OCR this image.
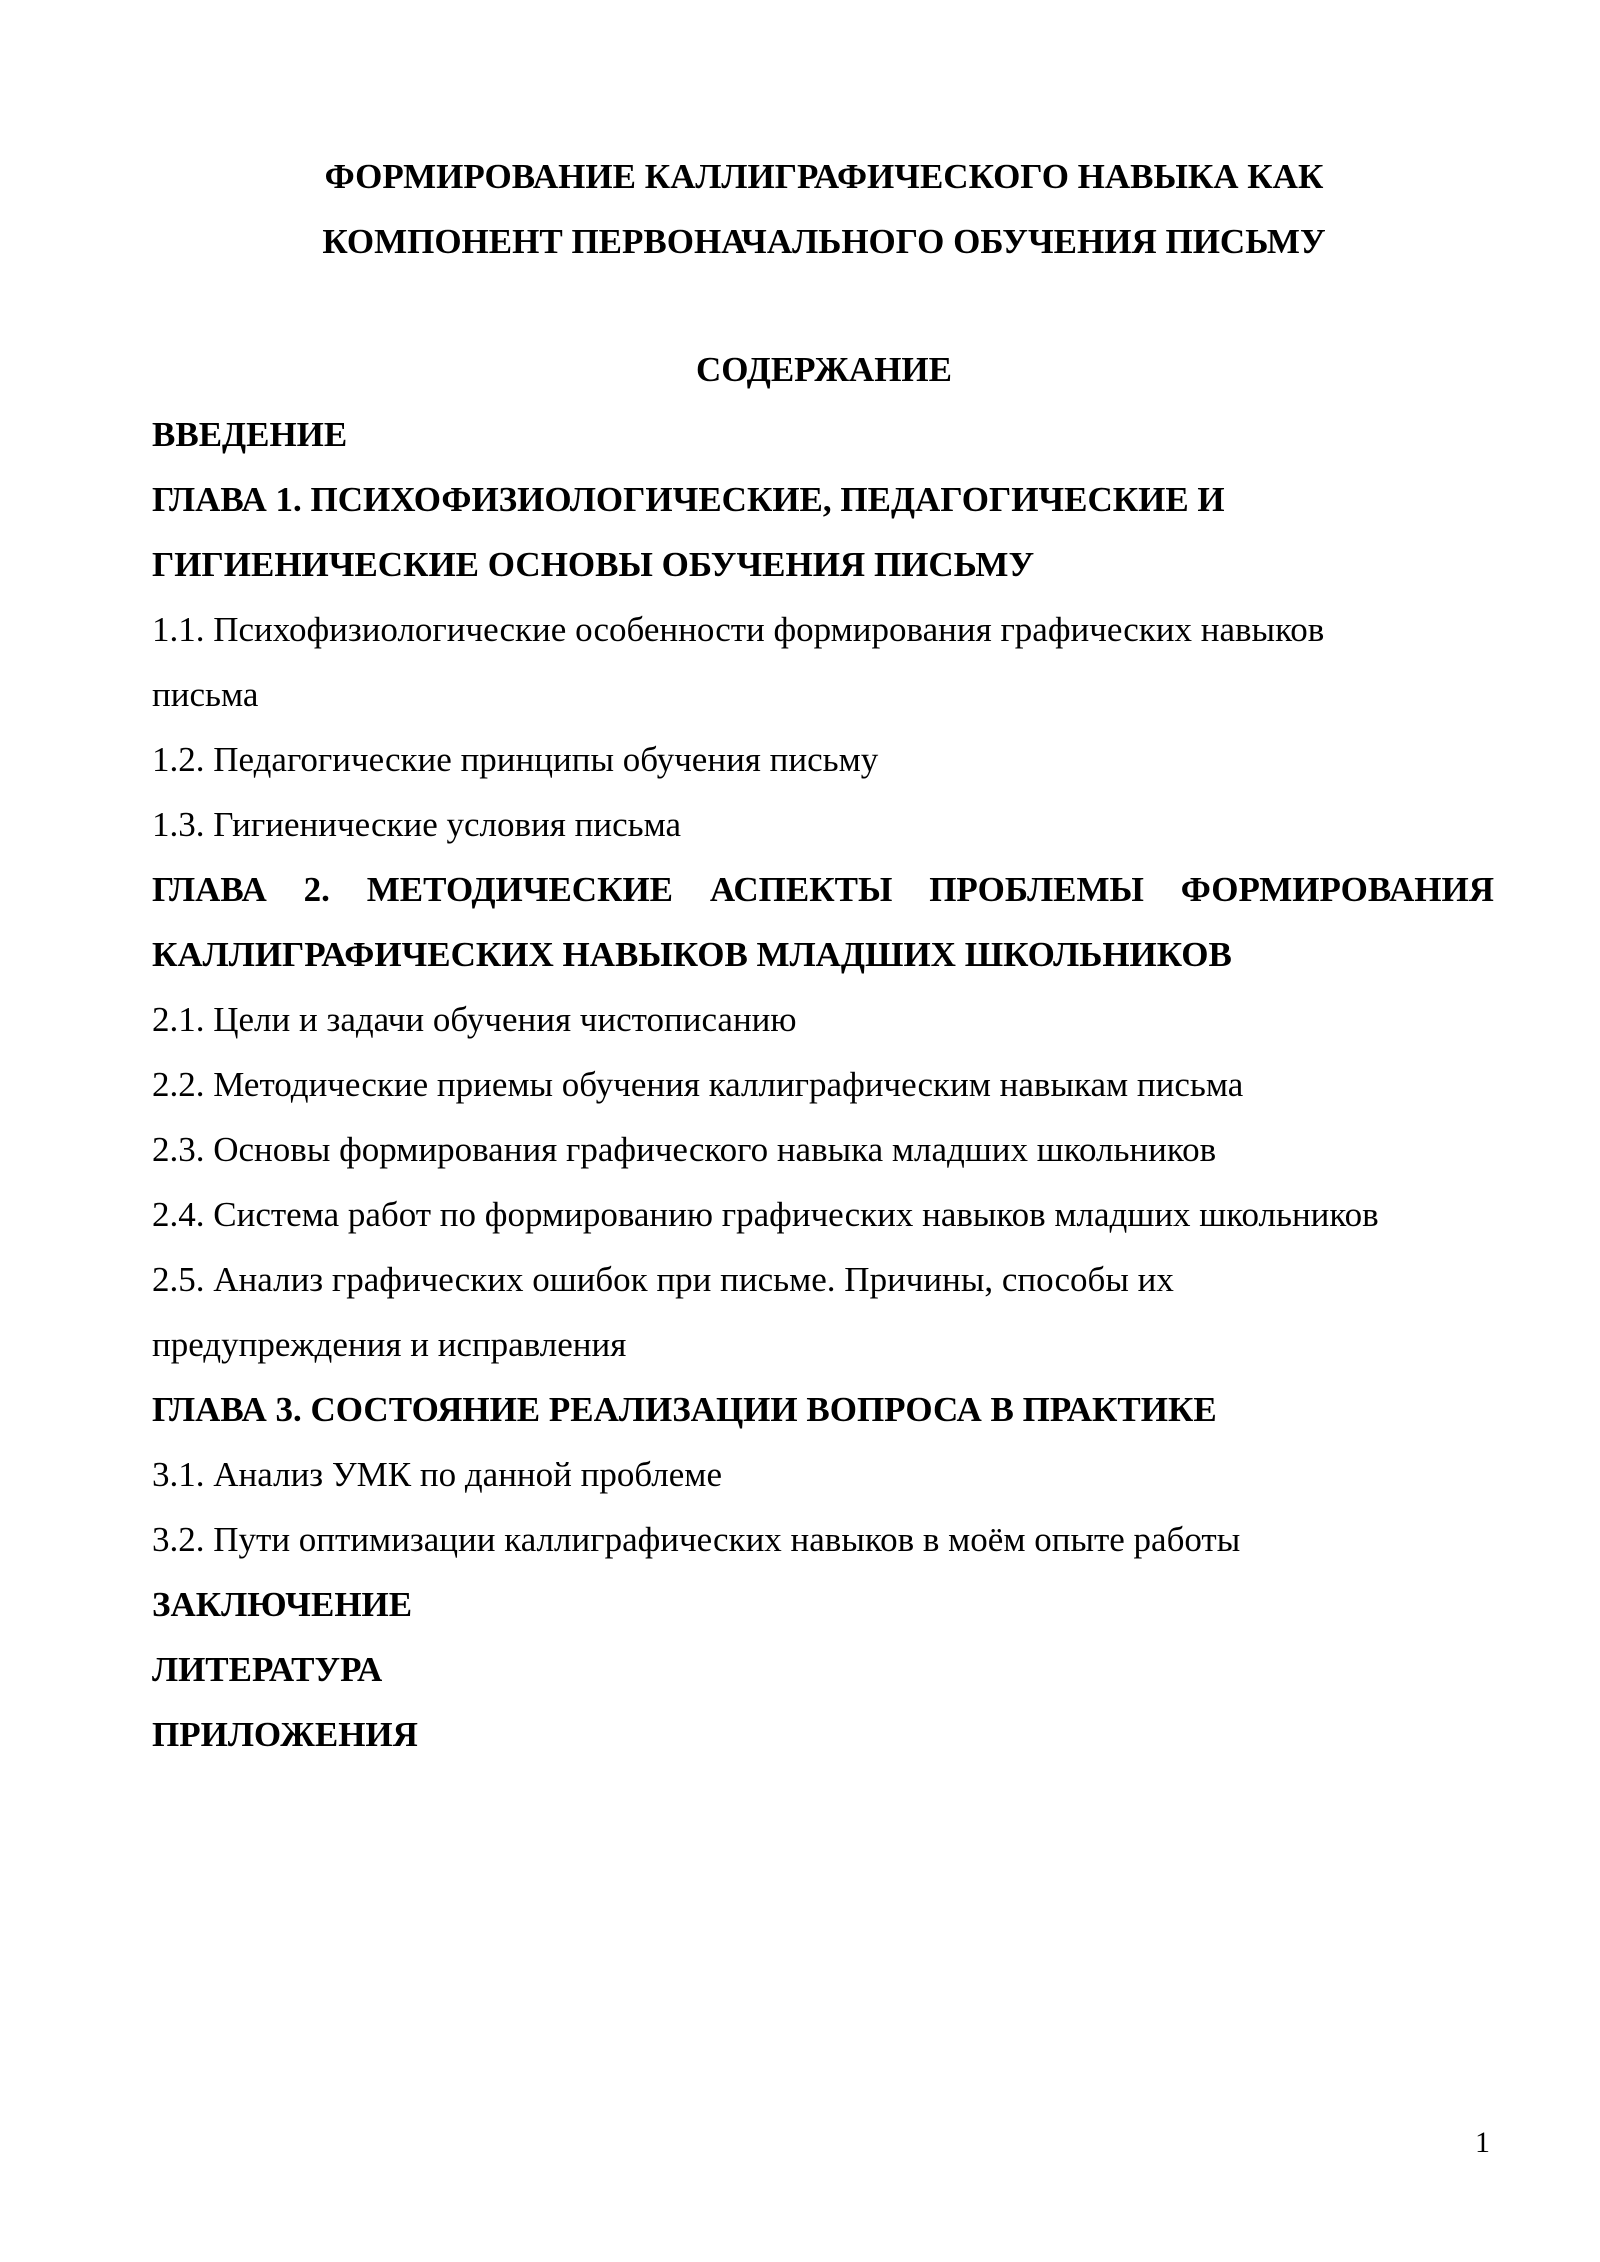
ФОРМИРОВАНИЕ КАЛЛИГРАФИЧЕСКОГО НАВЫКА КАК
КОМПОНЕНТ ПЕРВОНАЧАЛЬНОГО ОБУЧЕНИЯ ПИСЬМУ
СОДЕРЖАНИЕ
ВВЕДЕНИЕ
ГЛАВА 1. ПСИХОФИЗИОЛОГИЧЕСКИЕ, ПЕДАГОГИЧЕСКИЕ И
ГИГИЕНИЧЕСКИЕ ОСНОВЫ ОБУЧЕНИЯ ПИСЬМУ
1.1. Психофизиологические особенности формирования графических навыков
письма
1.2. Педагогические принципы обучения письму
1.3. Гигиенические условия письма
ГЛАВА 2. МЕТОДИЧЕСКИЕ АСПЕКТЫ ПРОБЛЕМЫ ФОРМИРОВАНИЯ
КАЛЛИГРАФИЧЕСКИХ НАВЫКОВ МЛАДШИХ ШКОЛЬНИКОВ
2.1. Цели и задачи обучения чистописанию
2.2. Методические приемы обучения каллиграфическим навыкам письма
2.3. Основы формирования графического навыка младших школьников
2.4. Система работ по формированию графических навыков младших школьников
2.5. Анализ графических ошибок при письме. Причины, способы их
предупреждения и исправления
ГЛАВА 3. СОСТОЯНИЕ РЕАЛИЗАЦИИ ВОПРОСА В ПРАКТИКЕ
3.1. Анализ УМК по данной проблеме
3.2. Пути оптимизации каллиграфических навыков в моём опыте работы
ЗАКЛЮЧЕНИЕ
ЛИТЕРАТУРА
ПРИЛОЖЕНИЯ
1
